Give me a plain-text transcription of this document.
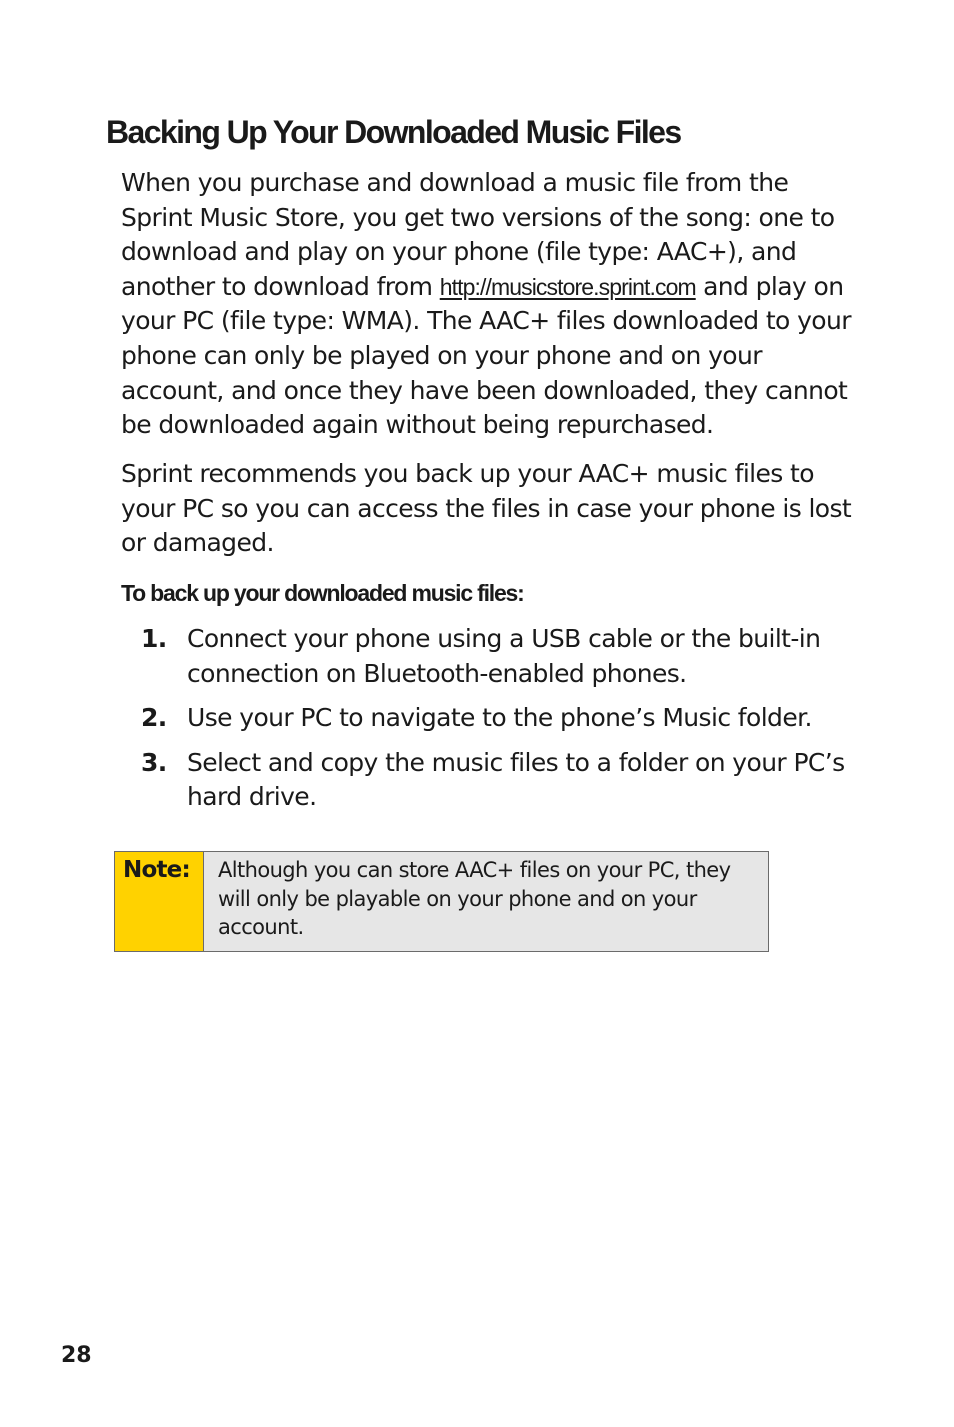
Backing Up Your Downloaded Music Files

When you purchase and download a music file from the Sprint Music Store, you get two versions of the song: one to download and play on your phone (file type: AAC+), and another to download from http://musicstore.sprint.com and play on your PC (file type: WMA). The AAC+ files downloaded to your phone can only be played on your phone and on your account, and once they have been downloaded, they cannot be downloaded again without being repurchased.

Sprint recommends you back up your AAC+ music files to your PC so you can access the files in case your phone is lost or damaged.

To back up your downloaded music files:

1. Connect your phone using a USB cable or the built-in connection on Bluetooth-enabled phones.
2. Use your PC to navigate to the phone’s Music folder.
3. Select and copy the music files to a folder on your PC’s hard drive.
Note:	Although you can store AAC+ files on your PC, they will only be playable on your phone and on your account.

28
